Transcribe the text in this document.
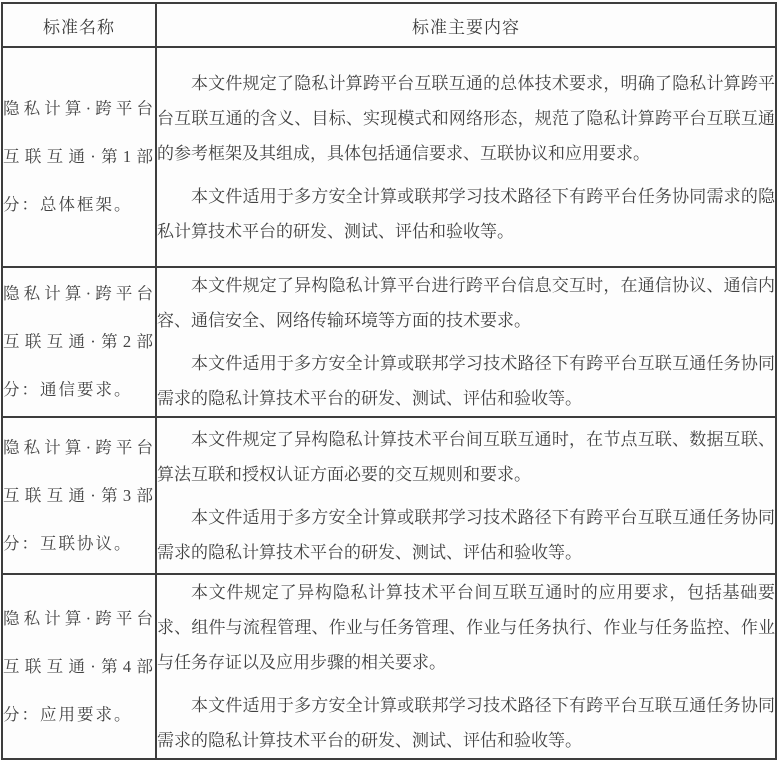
标准名称	标准主要内容
隐私计算·跨平台互联互通·第1部分：总体框架。	本文件规定了隐私计算跨平台互联互通的总体技术要求，明确了隐私计算跨平台互联互通的含义、目标、实现模式和网络形态，规范了隐私计算跨平台互联互通的参考框架及其组成，具体包括通信要求、互联协议和应用要求。

本文件适用于多方安全计算或联邦学习技术路径下有跨平台任务协同需求的隐私计算技术平台的研发、测试、评估和验收等。

隐私计算·跨平台互联互通·第2部分：通信要求。	本文件规定了异构隐私计算平台进行跨平台信息交互时，在通信协议、通信内容、通信安全、网络传输环境等方面的技术要求。

本文件适用于多方安全计算或联邦学习技术路径下有跨平台互联互通任务协同需求的隐私计算技术平台的研发、测试、评估和验收等。

隐私计算·跨平台互联互通·第3部分：互联协议。	本文件规定了异构隐私计算技术平台间互联互通时，在节点互联、数据互联、算法互联和授权认证方面必要的交互规则和要求。

本文件适用于多方安全计算或联邦学习技术路径下有跨平台互联互通任务协同需求的隐私计算技术平台的研发、测试、评估和验收等。

隐私计算·跨平台互联互通·第4部分：应用要求。	本文件规定了异构隐私计算技术平台间互联互通时的应用要求，包括基础要求、组件与流程管理、作业与任务管理、作业与任务执行、作业与任务监控、作业与任务存证以及应用步骤的相关要求。

本文件适用于多方安全计算或联邦学习技术路径下有跨平台互联互通任务协同需求的隐私计算技术平台的研发、测试、评估和验收等。
